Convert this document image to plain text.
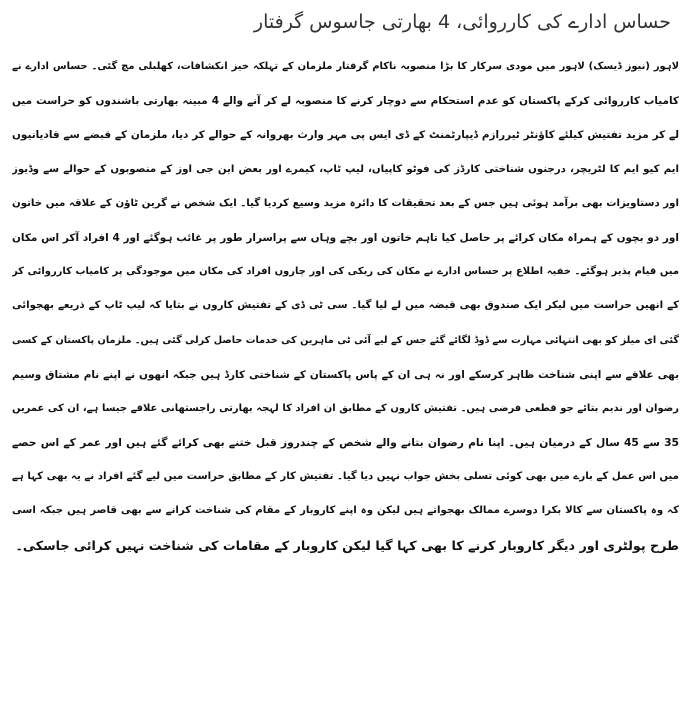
حساس ادارے کی کارروائی، 4 بھارتی جاسوس گرفتار
لاہور (نیوز ڈیسک) لاہور میں مودی سرکار کا بڑا منصوبہ ناکام گرفتار ملزمان کے تہلکہ خیز انکشافات، کھلبلی مچ گئی۔ حساس ادارے نے
کامیاب کارروائی کرکے پاکستان کو عدم استحکام سے دوچار کرنے کا منصوبہ لے کر آنے والے 4 مبینہ بھارتی باشندوں کو حراست میں
لے کر مزید تفتیش کیلئے کاؤنٹر ٹیررازم ڈیپارٹمنٹ کے ڈی ایس پی مہر وارث بھروانہ کے حوالے کر دیا، ملزمان کے قبضے سے قادیانیوں
ایم کیو ایم کا لٹریچر، درجنوں شناختی کارڈز کی فوٹو کاپیاں، لیپ ٹاپ، کیمرے اور بعض این جی اوز کے منصوبوں کے حوالے سے وڈیوز
اور دستاویزات بھی برآمد ہوئی ہیں جس کے بعد تحقیقات کا دائرہ مزید وسیع کردیا گیا۔ ایک شخص نے گرین ٹاؤن کے علاقہ میں خاتون
اور دو بچوں کے ہمراہ مکان کرائے پر حاصل کیا تاہم خاتون اور بچے وہاں سے پراسرار طور پر غائب ہوگئے اور 4 افراد آکر اس مکان
میں قیام پذیر ہوگئے۔ خفیہ اطلاع پر حساس ادارے نے مکان کی ریکی کی اور چاروں افراد کی مکان میں موجودگی پر کامیاب کارروائی کر
کے انھیں حراست میں لیکر ایک صندوق بھی قبضہ میں لے لیا گیا۔ سی ٹی ڈی کے تفتیش کاروں نے بتایا کہ لیپ ٹاپ کے ذریعے بھجوائی
گئی ای میلز کو بھی انتہائی مہارت سے ڈوڈ لگائے گئے جس کے لیے آئی ٹی ماہرین کی خدمات حاصل کرلی گئی ہیں۔ ملزمان پاکستان کے کسی
بھی علاقے سے اپنی شناخت ظاہر کرسکے اور نہ ہی ان کے پاس پاکستان کے شناختی کارڈ ہیں جبکہ انھوں نے اپنے نام مشتاق وسیم
رضوان اور ندیم بتائے جو قطعی فرضی ہیں۔ تفتیش کاروں کے مطابق ان افراد کا لہجہ بھارتی راجستھانی علاقے جیسا ہے، ان کی عمریں
35 سے 45 سال کے درمیان ہیں۔ اپنا نام رضوان بتانے والے شخص کے چندروز قبل ختنے بھی کرائے گئے ہیں اور عمر کے اس حصے
میں اس عمل کے بارے میں بھی کوئی تسلی بخش جواب نہیں دیا گیا۔ تفتیش کار کے مطابق حراست میں لیے گئے افراد نے یہ بھی کہا ہے
کہ وہ پاکستان سے کالا بکرا دوسرے ممالک بھجواتے ہیں لیکن وہ اپنے کاروبار کے مقام کی شناخت کرانے سے بھی قاصر ہیں جبکہ اسی
طرح پولٹری اور دیگر کاروبار کرنے کا بھی کہا گیا لیکن کاروبار کے مقامات کی شناخت نہیں کرائی جاسکی۔
